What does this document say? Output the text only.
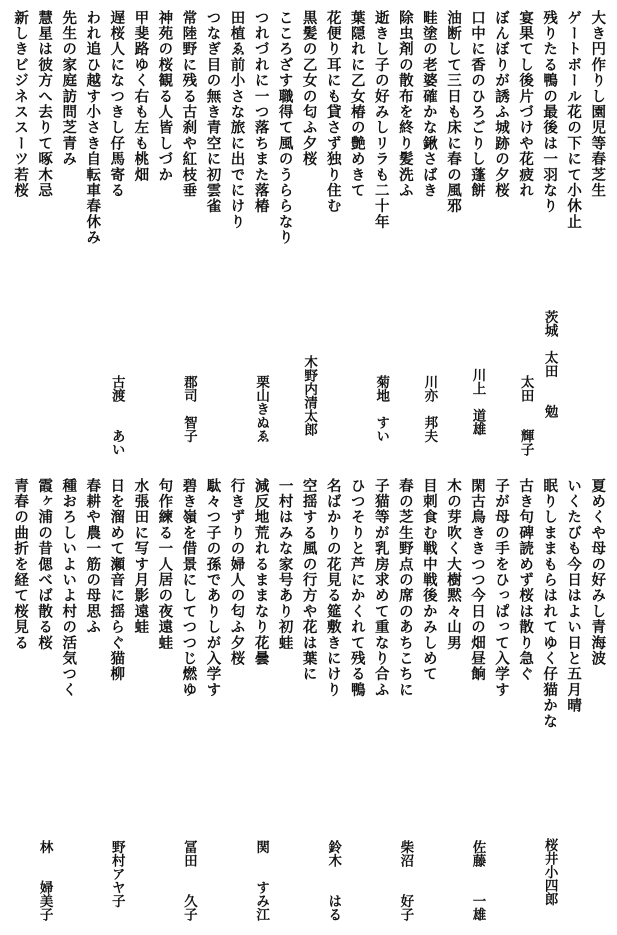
大き円作りし園児等春芝生
ゲートボール花の下にて小休止
残りたる鴨の最後は一羽なり
茨城　太田　　勉
宴果てし後片づけや花疲れ
太田　　輝子
ぼんぼりが誘ふ城跡の夕桜
口中に香のひろごりし蓬餅
川上　道雄
油断して三日も床に春の風邪
畦塗の老婆確かな鍬さばき
川亦　邦夫
除虫剤の散布を終り髪洗ふ
逝きし子の好みしリラも二十年
菊地　すい
葉隠れに乙女椿の艶めきて
花便り耳にも貸さず独り住む
黒髪の乙女の匂ふ夕桜
木野内清太郎
こころざす職得て風のうららなり
つれづれに一つ落ちまた落椿
栗山きぬゑ
田植ゑ前小さな旅に出でにけり
つなぎ目の無き青空に初雲雀
常陸野に残る古刹や紅枝垂
郡司　智子
神苑の桜観る人皆しづか
甲斐路ゆく右も左も桃畑
遅桜人になつきし仔馬寄る
古渡　　あい
われ追ひ越す小さき自転車春休み
先生の家庭訪問芝青み
慧星は彼方へ去りて啄木忌
新しきビジネススーツ若桜
夏めくや母の好みし青海波
いくたびも今日はよい日と五月晴
眠りしままもらはれてゆく仔猫かな
桜井小四郎
古き句碑読めず桜は散り急ぐ
子が母の手をひっぱって入学す
閑古鳥ききつつ今日の畑昼餉
佐藤　　一雄
木の芽吹く大樹黙々山男
目刺食む戦中戦後かみしめて
春の芝生野点の席のあちこちに
柴沼　　好子
子猫等が乳房求めて重なり合ふ
ひつそりと芦にかくれて残る鴨
名ばかりの花見る筵敷きにけり
鈴木　　はる
空揺する風の行方や花は葉に
一村はみな家号あり初蛙
減反地荒れるままなり花曇
関　　すみ江
行きずりの婦人の匂ふ夕桜
駄々つ子の孫でありしが入学す
碧き嶺を借景にしてつつじ燃ゆ
冨田　　久子
句作練る一人居の夜遠蛙
水張田に写す月影遠蛙
日を溜めて瀬音に揺らぐ猫柳
野村アヤ子
春耕や農一筋の母思ふ
種おろしいよいよ村の活気つく
霞ヶ浦の昔偲べば散る桜
林　　婦美子
青春の曲折を経て桜見る
